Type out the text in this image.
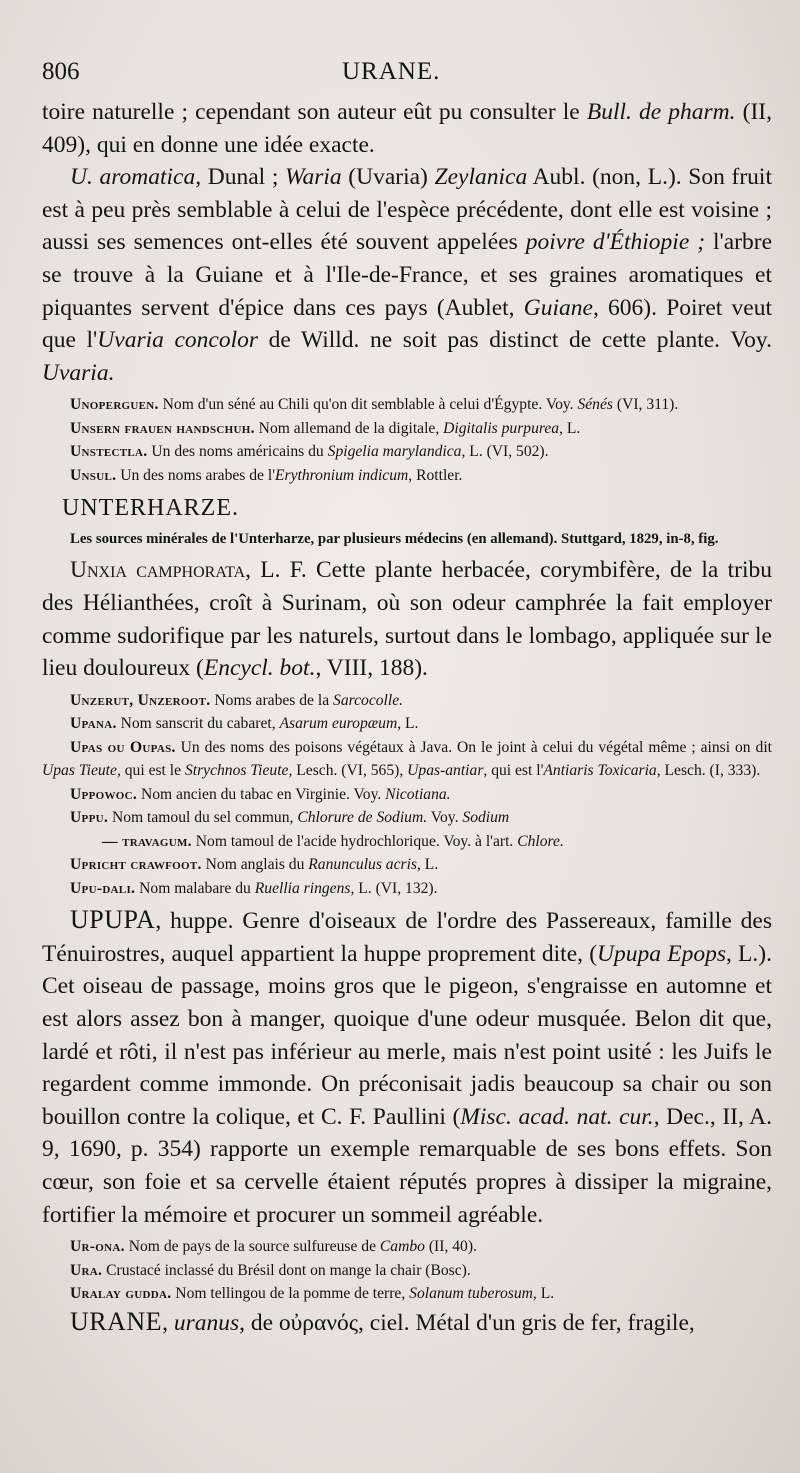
806	URANE.

toire naturelle ; cependant son auteur eût pu consulter le Bull. de pharm. (II, 409), qui en donne une idée exacte.

U. aromatica, Dunal ; Waria (Uvaria) Zeylanica Aubl. (non, L.). Son fruit est à peu près semblable à celui de l'espèce précédente, dont elle est voisine ; aussi ses semences ont-elles été souvent appelées poivre d'Éthiopie ; l'arbre se trouve à la Guiane et à l'Ile-de-France, et ses graines aromatiques et piquantes servent d'épice dans ces pays (Aublet, Guiane, 606). Poiret veut que l'Uvaria concolor de Willd. ne soit pas distinct de cette plante. Voy. Uvaria.

Unoperguen. Nom d'un séné au Chili qu'on dit semblable à celui d'Égypte. Voy. Sénés (VI, 311).

Unsern frauen handschuh. Nom allemand de la digitale, Digitalis purpurea, L.

Unstectla. Un des noms américains du Spigelia marylandica, L. (VI, 502).

Unsul. Un des noms arabes de l'Erythronium indicum, Rottler.

UNTERHARZE.

Les sources minérales de l'Unterharze, par plusieurs médecins (en allemand). Stuttgard, 1829, in-8, fig.

Unxia camphorata, L. F. Cette plante herbacée, corymbifère, de la tribu des Hélianthées, croît à Surinam, où son odeur camphrée la fait employer comme sudorifique par les naturels, surtout dans le lombago, appliquée sur le lieu douloureux (Encycl. bot., VIII, 188).

Unzerut, Unzeroot. Noms arabes de la Sarcocolle.

Upana. Nom sanscrit du cabaret, Asarum europæum, L.

Upas ou Oupas. Un des noms des poisons végétaux à Java. On le joint à celui du végétal même ; ainsi on dit Upas Tieute, qui est le Strychnos Tieute, Lesch. (VI, 565), Upas-antiar, qui est l'Antiaris Toxicaria, Lesch. (I, 333).

Uppowoc. Nom ancien du tabac en Virginie. Voy. Nicotiana.

Uppu. Nom tamoul du sel commun, Chlorure de Sodium. Voy. Sodium

— travagum. Nom tamoul de l'acide hydrochlorique. Voy. à l'art. Chlore.

Upricht crawfoot. Nom anglais du Ranunculus acris, L.

Upu-dali. Nom malabare du Ruellia ringens, L. (VI, 132).

UPUPA, huppe. Genre d'oiseaux de l'ordre des Passereaux, famille des Ténuirostres, auquel appartient la huppe proprement dite, (Upupa Epops, L.). Cet oiseau de passage, moins gros que le pigeon, s'engraisse en automne et est alors assez bon à manger, quoique d'une odeur musquée. Belon dit que, lardé et rôti, il n'est pas inférieur au merle, mais n'est point usité : les Juifs le regardent comme immonde. On préconisait jadis beaucoup sa chair ou son bouillon contre la colique, et C. F. Paullini (Misc. acad. nat. cur., Dec., II, A. 9, 1690, p. 354) rapporte un exemple remarquable de ses bons effets. Son cœur, son foie et sa cervelle étaient réputés propres à dissiper la migraine, fortifier la mémoire et procurer un sommeil agréable.

Ur-ona. Nom de pays de la source sulfureuse de Cambo (II, 40).

Ura. Crustacé inclassé du Brésil dont on mange la chair (Bosc).

Uralay gudda. Nom tellingou de la pomme de terre, Solanum tuberosum, L.

URANE, uranus, de οὐρανός, ciel. Métal d'un gris de fer, fragile,
